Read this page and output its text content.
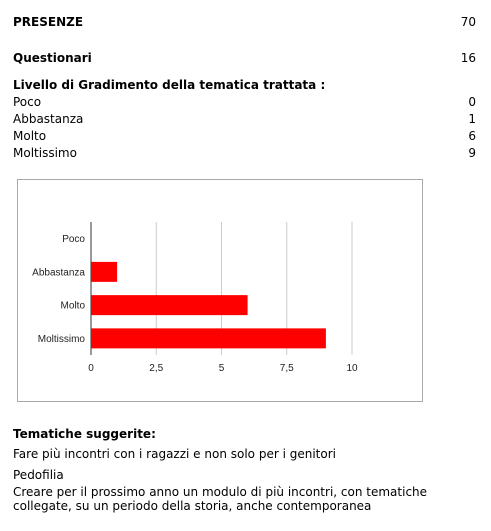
PRESENZE	70
Questionari	16
Livello di Gradimento della tematica trattata :
Poco	0
Abbastanza	1
Molto	6
Moltissimo	9
0	2,5	5	7,5	10
Poco
Abbastanza
Molto
Moltissimo
Tematiche suggerite:
Fare più incontri con i ragazzi e non solo per i genitori
Pedofilia
Creare per il prossimo anno un modulo di più incontri, con tematiche
collegate, su un periodo della storia, anche contemporanea
